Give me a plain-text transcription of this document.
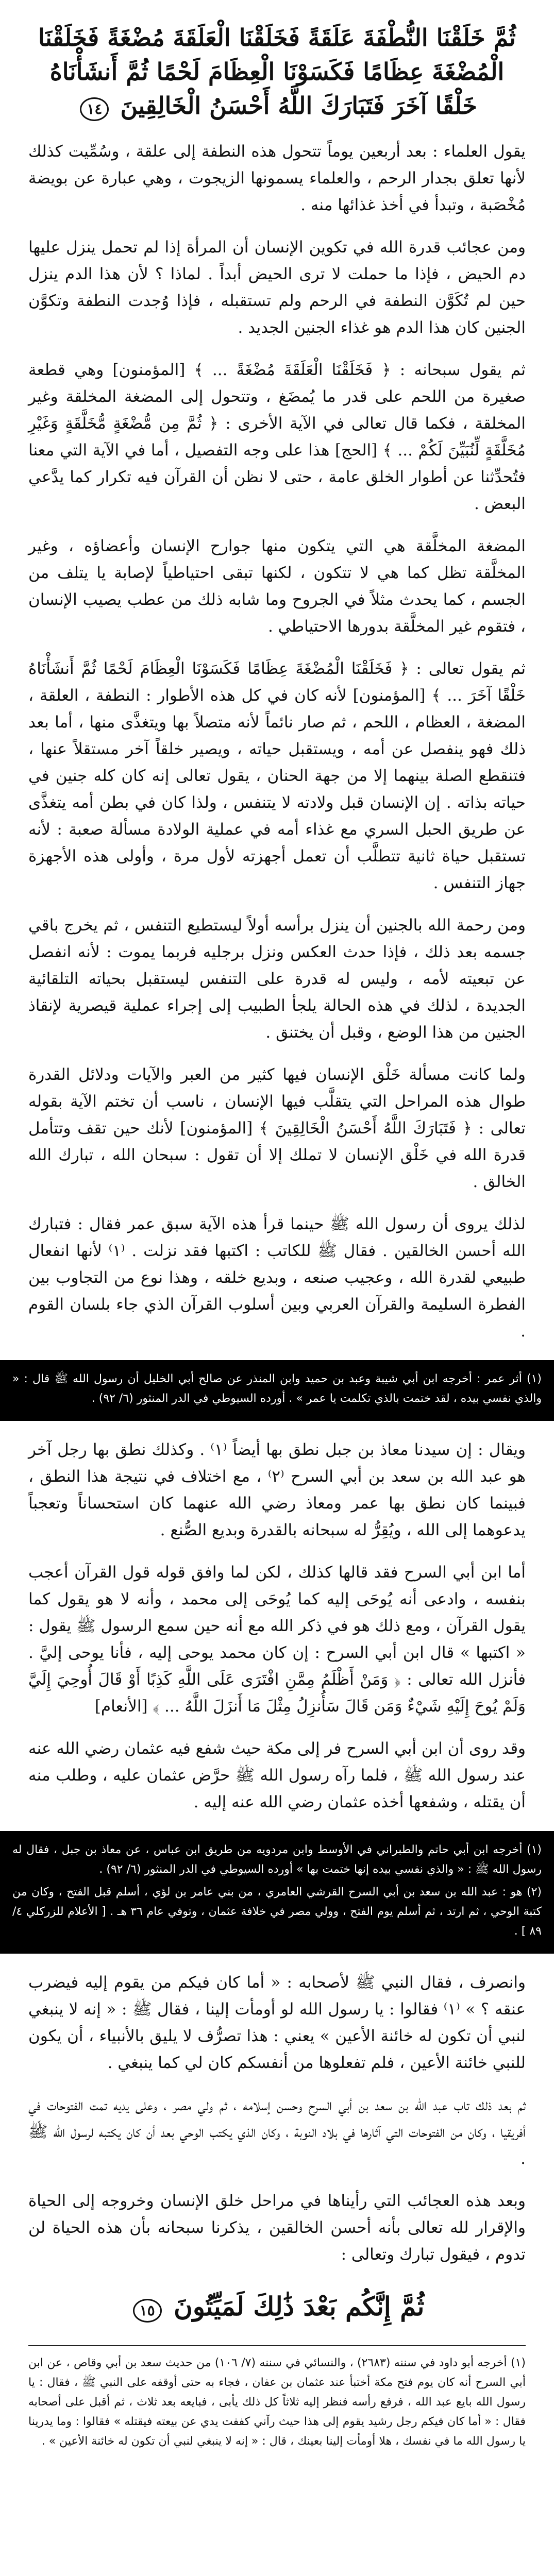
ثُمَّ خَلَقْنَا النُّطْفَةَ عَلَقَةً فَخَلَقْنَا الْعَلَقَةَ مُضْغَةً فَخَلَقْنَا الْمُضْغَةَ عِظَامًا فَكَسَوْنَا الْعِظَامَ لَحْمًا ثُمَّ أَنشَأْنَاهُ خَلْقًا آخَرَ فَتَبَارَكَ اللَّهُ أَحْسَنُ الْخَالِقِينَ ١٤

يقول العلماء : بعد أربعين يوماً تتحول هذه النطفة إلى علقة ، وسُمِّيت كذلك لأنها تعلق بجدار الرحم ، والعلماء يسمونها الزيجوت ، وهي عبارة عن بويضة مُخْصَبة ، وتبدأ في أخذ غذائها منه .

ومن عجائب قدرة الله في تكوين الإنسان أن المرأة إذا لم تحمل ينزل عليها دم الحيض ، فإذا ما حملت لا ترى الحيض أبداً . لماذا ؟ لأن هذا الدم ينزل حين لم تُكَوَّن النطفة في الرحم ولم تستقبله ، فإذا وُجدت النطفة وتكوَّن الجنين كان هذا الدم هو غذاء الجنين الجديد .

ثم يقول سبحانه : ﴿ فَخَلَقْنَا الْعَلَقَةَ مُضْغَةً ... ﴾ [المؤمنون] وهي قطعة صغيرة من اللحم على قدر ما يُمضَغ ، وتتحول إلى المضغة المخلقة وغير المخلقة ، فكما قال تعالى في الآية الأخرى : ﴿ ثُمَّ مِن مُّضْغَةٍ مُّخَلَّقَةٍ وَغَيْرِ مُخَلَّقَةٍ لِّنُبَيِّنَ لَكُمْ ... ﴾ [الحج] هذا على وجه التفصيل ، أما في الآية التي معنا فتُحدِّثنا عن أطوار الخلق عامة ، حتى لا نظن أن القرآن فيه تكرار كما يدَّعي البعض .

المضغة المخلَّقة هي التي يتكون منها جوارح الإنسان وأعضاؤه ، وغير المخلَّقة تظل كما هي لا تتكون ، لكنها تبقى احتياطياً لإصابة يا يتلف من الجسم ، كما يحدث مثلاً في الجروح وما شابه ذلك من عطب يصيب الإنسان ، فتقوم غير المخلَّقة بدورها الاحتياطي .

ثم يقول تعالى : ﴿ فَخَلَقْنَا الْمُضْغَةَ عِظَامًا فَكَسَوْنَا الْعِظَامَ لَحْمًا ثُمَّ أَنشَأْنَاهُ خَلْقًا آخَرَ ... ﴾ [المؤمنون] لأنه كان في كل هذه الأطوار : النطفة ، العلقة ، المضغة ، العظام ، اللحم ، ثم صار نائماً لأنه متصلاً بها ويتغذَّى منها ، أما بعد ذلك فهو ينفصل عن أمه ، ويستقبل حياته ، ويصير خلقاً آخر مستقلاً عنها ، فتنقطع الصلة بينهما إلا من جهة الحنان ، يقول تعالى إنه كان كله جنين في حياته بذاته . إن الإنسان قبل ولادته لا يتنفس ، ولذا كان في بطن أمه يتغذَّى عن طريق الحبل السري مع غذاء أمه في عملية الولادة مسألة صعبة : لأنه تستقبل حياة ثانية تتطلَّب أن تعمل أجهزته لأول مرة ، وأولى هذه الأجهزة جهاز التنفس .

ومن رحمة الله بالجنين أن ينزل برأسه أولاً ليستطيع التنفس ، ثم يخرج باقي جسمه بعد ذلك ، فإذا حدث العكس ونزل برجليه فربما يموت : لأنه انفصل عن تبعيته لأمه ، وليس له قدرة على التنفس ليستقبل بحياته التلقائية الجديدة ، لذلك في هذه الحالة يلجأ الطبيب إلى إجراء عملية قيصرية لإنقاذ الجنين من هذا الوضع ، وقبل أن يختنق .

ولما كانت مسألة خَلْق الإنسان فيها كثير من العبر والآيات ودلائل القدرة طوال هذه المراحل التي يتقلَّب فيها الإنسان ، ناسب أن تختم الآية بقوله تعالى : ﴿ فَتَبَارَكَ اللَّهُ أَحْسَنُ الْخَالِقِينَ ﴾ [المؤمنون] لأنك حين تقف وتتأمل قدرة الله في خَلْق الإنسان لا تملك إلا أن تقول : سبحان الله ، تبارك الله الخالق .

لذلك يروى أن رسول الله ﷺ حينما قرأ هذه الآية سبق عمر فقال : فتبارك الله أحسن الخالقين . فقال ﷺ للكاتب : اكتبها فقد نزلت . ⁽١⁾ لأنها انفعال طبيعي لقدرة الله ، وعجيب صنعه ، وبديع خلقه ، وهذا نوع من التجاوب بين الفطرة السليمة والقرآن العربي وبين أسلوب القرآن الذي جاء بلسان القوم .

(١) أثر عمر : أخرجه ابن أبي شيبة وعبد بن حميد وابن المنذر عن صالح أبي الخليل أن رسول الله ﷺ قال : « والذي نفسي بيده ، لقد ختمت بالذي تكلمت يا عمر » . أورده السيوطي في الدر المنثور (٦/ ٩٢) .

ويقال : إن سيدنا معاذ بن جبل نطق بها أيضاً ⁽١⁾ . وكذلك نطق بها رجل آخر هو عبد الله بن سعد بن أبي السرح ⁽٢⁾ ، مع اختلاف في نتيجة هذا النطق ، فبينما كان نطق بها عمر ومعاذ رضي الله عنهما كان استحساناً وتعجباً يدعوهما إلى الله ، ويُقِرُّ له سبحانه بالقدرة وبديع الصُّنع .

أما ابن أبي السرح فقد قالها كذلك ، لكن لما وافق قوله قول القرآن أعجب بنفسه ، وادعى أنه يُوحَى إليه كما يُوحَى إلى محمد ، وأنه لا هو يقول كما يقول القرآن ، ومع ذلك هو في ذكر الله مع أنه حين سمع الرسول ﷺ يقول : « اكتبها » قال ابن أبي السرح : إن كان محمد يوحى إليه ، فأنا يوحى إليَّ . فأنزل الله تعالى : ﴿ وَمَنْ أَظْلَمُ مِمَّنِ افْتَرَى عَلَى اللَّهِ كَذِبًا أَوْ قَالَ أُوحِيَ إِلَيَّ وَلَمْ يُوحَ إِلَيْهِ شَيْءٌ وَمَن قَالَ سَأُنزِلُ مِثْلَ مَا أَنزَلَ اللَّهُ ... ﴾ [الأنعام]

وقد روى أن ابن أبي السرح فر إلى مكة حيث شفع فيه عثمان رضي الله عنه عند رسول الله ﷺ ، فلما رآه رسول الله ﷺ حرَّض عثمان عليه ، وطلب منه أن يقتله ، وشفعها أخذه عثمان رضي الله عنه إليه .

(١) أخرجه ابن أبي حاتم والطبراني في الأوسط وابن مردويه من طريق ابن عباس ، عن معاذ بن جبل ، فقال له رسول الله ﷺ : « والذي نفسي بيده إنها ختمت بها » أورده السيوطي في الدر المنثور (٦/ ٩٢) .

(٢) هو : عبد الله بن سعد بن أبي السرح القرشي العامري ، من بني عامر بن لؤي ، أسلم قبل الفتح ، وكان من كتبة الوحي ، ثم ارتد ، ثم أسلم يوم الفتح ، وولي مصر في خلافة عثمان ، وتوفي عام ٣٦ هـ . [ الأعلام للزركلي ٤/ ٨٩ ] .

وانصرف ، فقال النبي ﷺ لأصحابه : « أما كان فيكم من يقوم إليه فيضرب عنقه ؟ » ⁽١⁾ فقالوا : يا رسول الله لو أومأت إلينا ، فقال ﷺ : « إنه لا ينبغي لنبي أن تكون له خائنة الأعين » يعني : هذا تصرُّف لا يليق بالأنبياء ، أن يكون للنبي خائنة الأعين ، فلم تفعلوها من أنفسكم كان لي كما ينبغي .

ثم بعد ذلك تاب عبد الله بن سعد بن أبي السرح وحسن إسلامه ، ثم ولي مصر ، وعلى يديه تمت الفتوحات في أفريقيا ، وكان من الفتوحات التي آثارها في بلاد النوبة ، وكان الذي يكتب الوحي بعد أن كان يكتبه لرسول الله ﷺ .

وبعد هذه العجائب التي رأيناها في مراحل خلق الإنسان وخروجه إلى الحياة والإقرار لله تعالى بأنه أحسن الخالقين ، يذكرنا سبحانه بأن هذه الحياة لن تدوم ، فيقول تبارك وتعالى :

ثُمَّ إِنَّكُم بَعْدَ ذَٰلِكَ لَمَيِّتُونَ ١٥

(١) أخرجه أبو داود في سننه (٢٦٨٣) ، والنسائي في سننه (٧/ ١٠٦) من حديث سعد بن أبي وقاص ، عن ابن أبي السرح أنه كان يوم فتح مكة أختبأ عند عثمان بن عفان ، فجاء به حتى أوقفه على النبي ﷺ ، فقال : يا رسول الله بايع عبد الله ، فرفع رأسه فنظر إليه ثلاثاً كل ذلك يأبى ، فبايعه بعد ثلاث ، ثم أقبل على أصحابه فقال : « أما كان فيكم رجل رشيد يقوم إلى هذا حيث رآني كففت يدي عن بيعته فيقتله » فقالوا : وما يدرينا يا رسول الله ما في نفسك ، هلا أومأت إلينا بعينك ، قال : « إنه لا ينبغي لنبي أن تكون له خائنة الأعين » .
